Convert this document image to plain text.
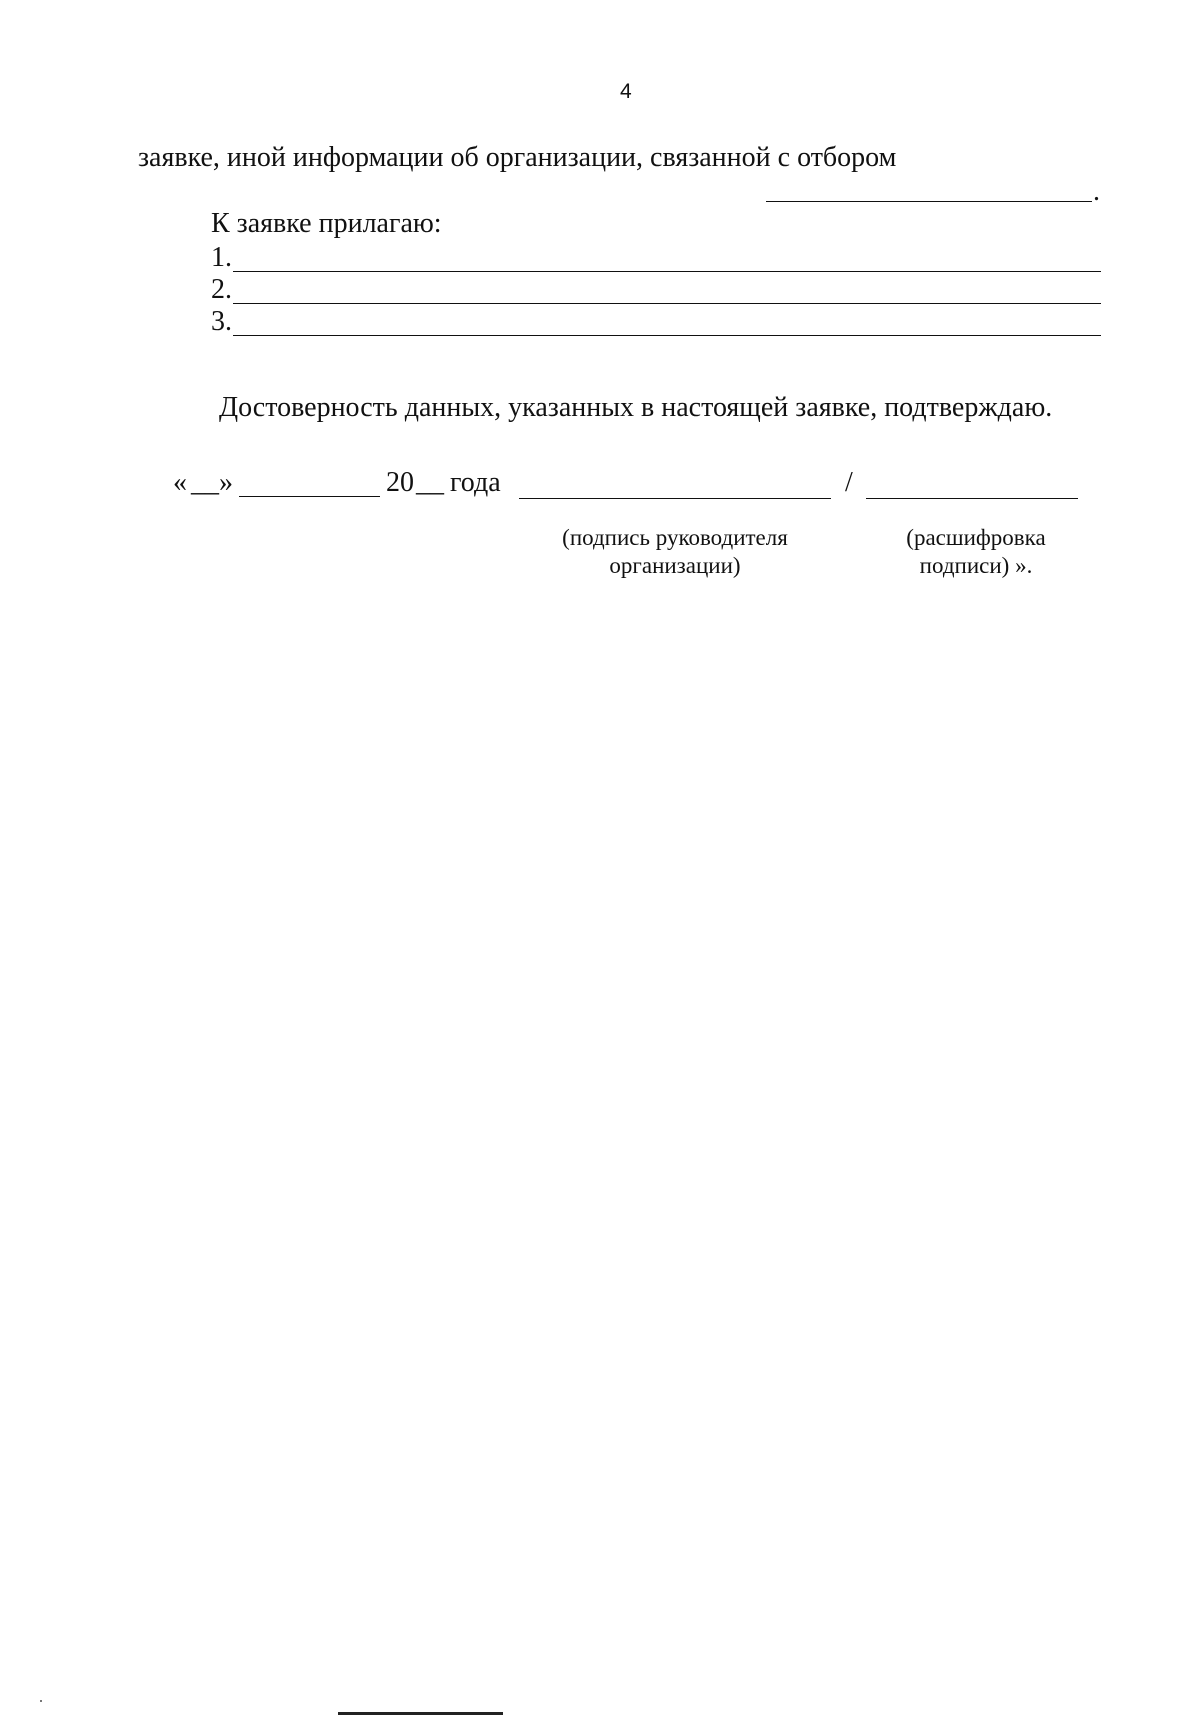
4
заявке, иной информации об организации, связанной с отбором
.
К заявке прилагаю:
1.
2.
3.
Достоверность данных, указанных в настоящей заявке, подтверждаю.
« __ »	20 __ года	/
(подпись руководителя
организации)
(расшифровка
подписи) ».
